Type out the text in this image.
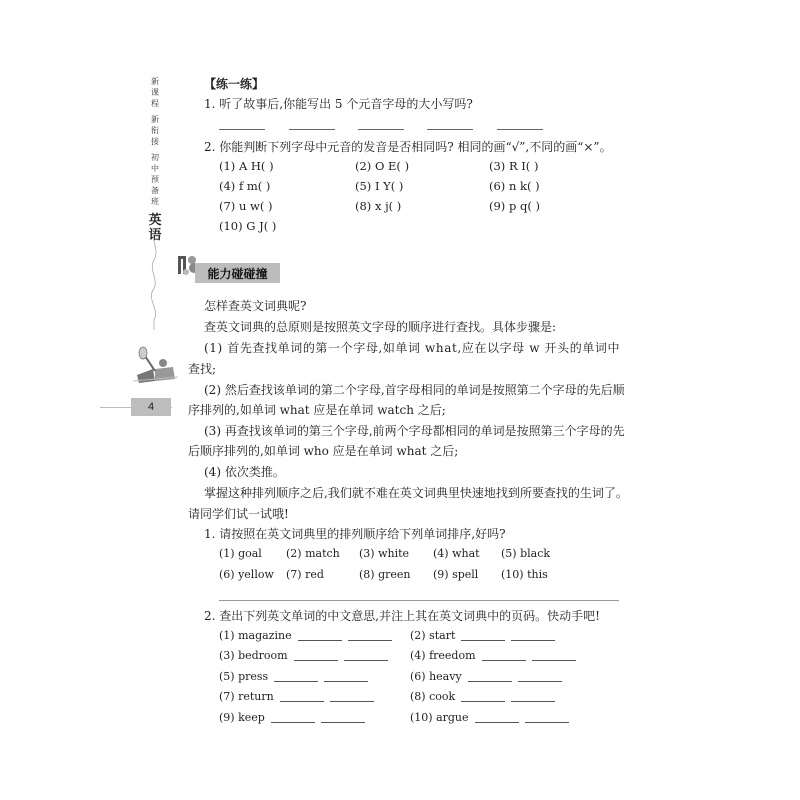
新
课
程
新
衔
接
初
中
预
备
班
英
语
4
【练一练】
1. 听了故事后,你能写出 5 个元音字母的大小写吗?
2. 你能判断下列字母中元音的发音是否相同吗? 相同的画“√”,不同的画“×”。
(1) A H( )	(2) O E( )	(3) R I( )
(4) f m( )	(5) I Y( )	(6) n k( )
(7) u w( )	(8) x j( )	(9) p q( )
(10) G J( )
能力碰碰撞
怎样查英文词典呢?
查英文词典的总原则是按照英文字母的顺序进行查找。具体步骤是:
(1) 首先查找单词的第一个字母,如单词 what,应在以字母 w 开头的单词中
查找;
(2) 然后查找该单词的第二个字母,首字母相同的单词是按照第二个字母的先后顺
序排列的,如单词 what 应是在单词 watch 之后;
(3) 再查找该单词的第三个字母,前两个字母都相同的单词是按照第三个字母的先
后顺序排列的,如单词 who 应是在单词 what 之后;
(4) 依次类推。
掌握这种排列顺序之后,我们就不难在英文词典里快速地找到所要查找的生词了。
请同学们试一试哦!
1. 请按照在英文词典里的排列顺序给下列单词排序,好吗?
(1) goal (2) match (3) white (4) what (5) black
(6) yellow (7) red	(8) green (9) spell (10) this
2. 查出下列英文单词的中文意思,并注上其在英文词典中的页码。快动手吧!
(1) magazine	(2) start
(3) bedroom	(4) freedom
(5) press	(6) heavy
(7) return	(8) cook
(9) keep	(10) argue
